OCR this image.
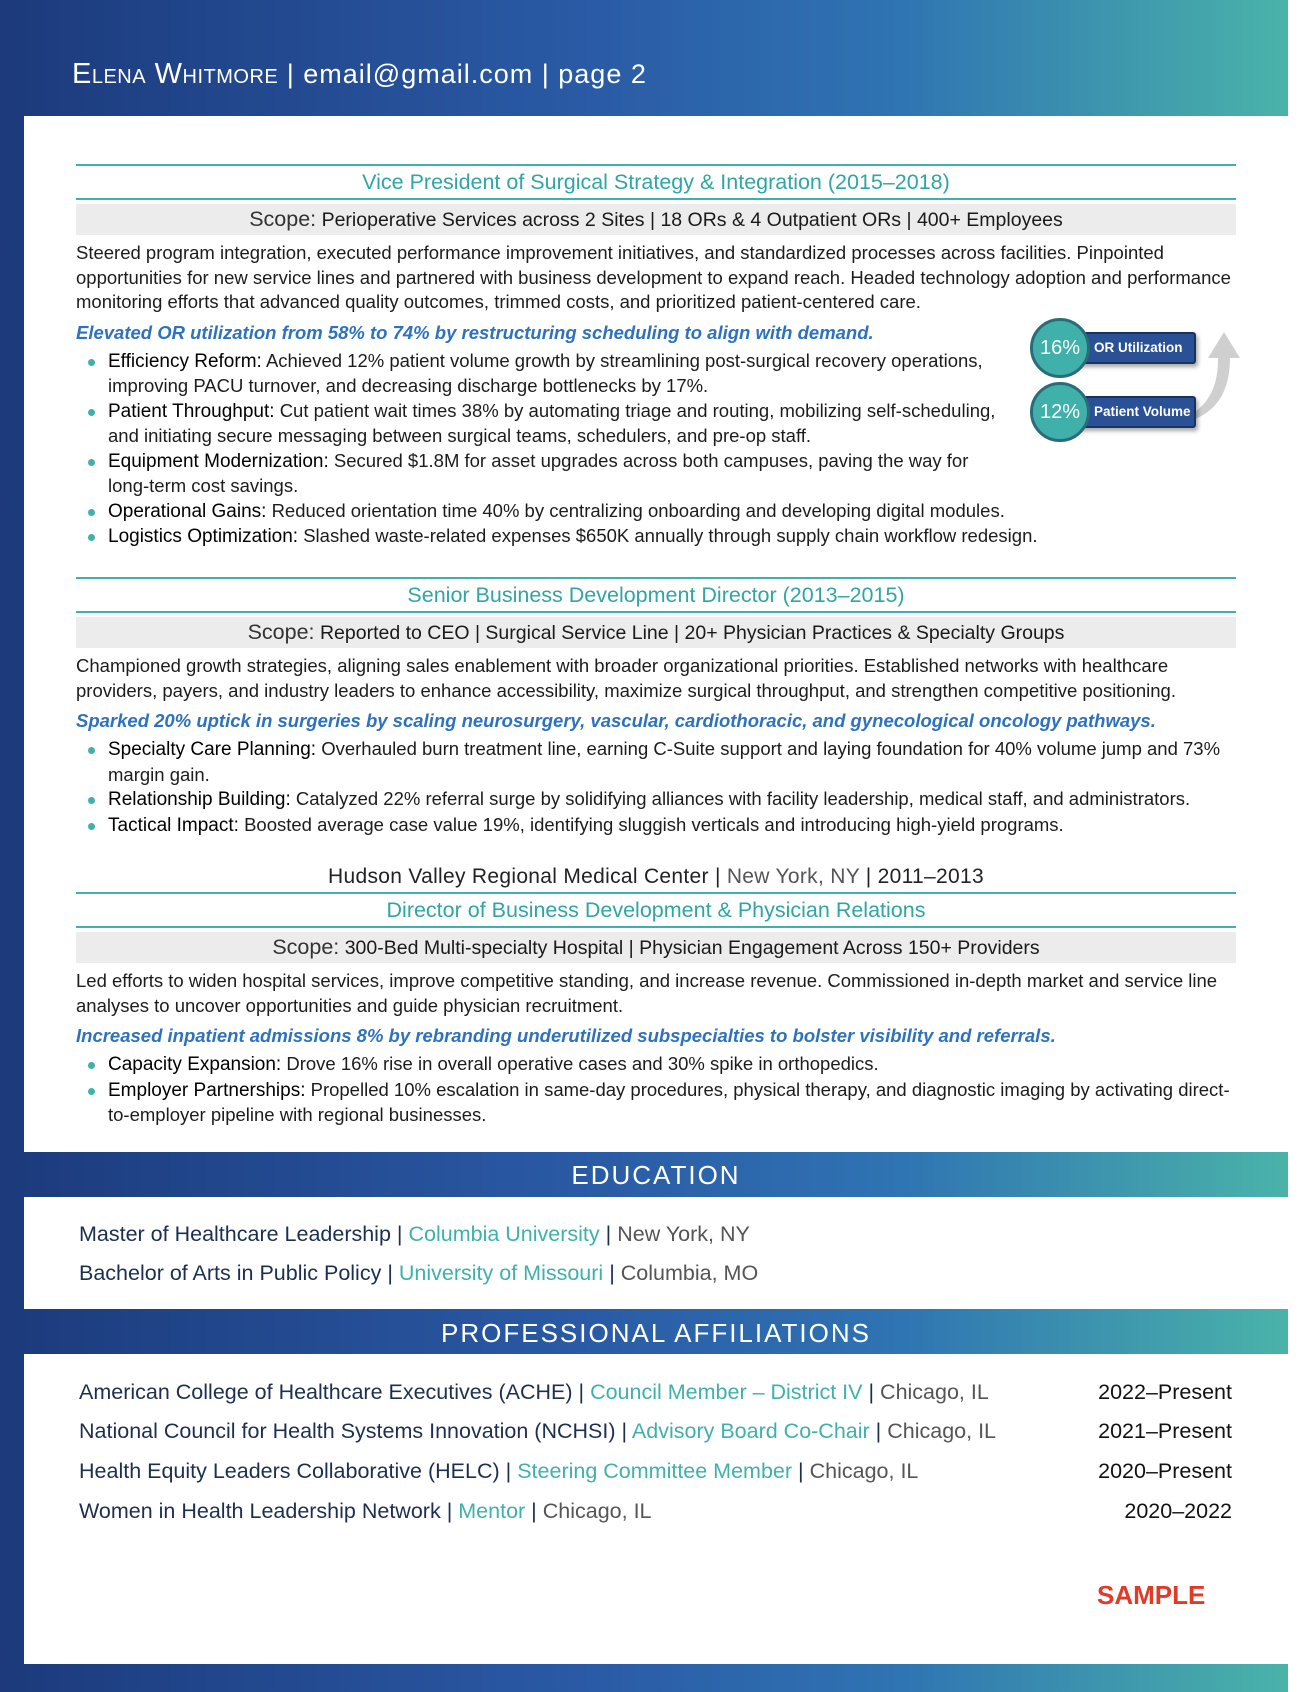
Elena Whitmore | email@gmail.com | page 2
Vice President of Surgical Strategy & Integration (2015–2018)
Scope: Perioperative Services across 2 Sites | 18 ORs & 4 Outpatient ORs | 400+ Employees
Steered program integration, executed performance improvement initiatives, and standardized processes across facilities. Pinpointed opportunities for new service lines and partnered with business development to expand reach. Headed technology adoption and performance monitoring efforts that advanced quality outcomes, trimmed costs, and prioritized patient-centered care.
Elevated OR utilization from 58% to 74% by restructuring scheduling to align with demand.
Efficiency Reform: Achieved 12% patient volume growth by streamlining post-surgical recovery operations, improving PACU turnover, and decreasing discharge bottlenecks by 17%.
Patient Throughput: Cut patient wait times 38% by automating triage and routing, mobilizing self-scheduling, and initiating secure messaging between surgical teams, schedulers, and pre-op staff.
Equipment Modernization: Secured $1.8M for asset upgrades across both campuses, paving the way for long-term cost savings.
Operational Gains: Reduced orientation time 40% by centralizing onboarding and developing digital modules.
Logistics Optimization: Slashed waste-related expenses $650K annually through supply chain workflow redesign.
OR Utilization
16%
Patient Volume
12%
Senior Business Development Director (2013–2015)
Scope: Reported to CEO | Surgical Service Line | 20+ Physician Practices & Specialty Groups
Championed growth strategies, aligning sales enablement with broader organizational priorities. Established networks with healthcare providers, payers, and industry leaders to enhance accessibility, maximize surgical throughput, and strengthen competitive positioning.
Sparked 20% uptick in surgeries by scaling neurosurgery, vascular, cardiothoracic, and gynecological oncology pathways.
Specialty Care Planning: Overhauled burn treatment line, earning C-Suite support and laying foundation for 40% volume jump and 73% margin gain.
Relationship Building: Catalyzed 22% referral surge by solidifying alliances with facility leadership, medical staff, and administrators.
Tactical Impact: Boosted average case value 19%, identifying sluggish verticals and introducing high-yield programs.
Hudson Valley Regional Medical Center | New York, NY | 2011–2013
Director of Business Development & Physician Relations
Scope: 300-Bed Multi-specialty Hospital | Physician Engagement Across 150+ Providers
Led efforts to widen hospital services, improve competitive standing, and increase revenue. Commissioned in-depth market and service line analyses to uncover opportunities and guide physician recruitment.
Increased inpatient admissions 8% by rebranding underutilized subspecialties to bolster visibility and referrals.
Capacity Expansion: Drove 16% rise in overall operative cases and 30% spike in orthopedics.
Employer Partnerships: Propelled 10% escalation in same-day procedures, physical therapy, and diagnostic imaging by activating direct-to-employer pipeline with regional businesses.
EDUCATION
Master of Healthcare Leadership | Columbia University | New York, NY
Bachelor of Arts in Public Policy | University of Missouri | Columbia, MO
PROFESSIONAL AFFILIATIONS
American College of Healthcare Executives (ACHE) | Council Member – District IV | Chicago, IL	2022–Present
National Council for Health Systems Innovation (NCHSI) | Advisory Board Co-Chair | Chicago, IL	2021–Present
Health Equity Leaders Collaborative (HELC) | Steering Committee Member | Chicago, IL	2020–Present
Women in Health Leadership Network | Mentor | Chicago, IL	2020–2022
SAMPLE
